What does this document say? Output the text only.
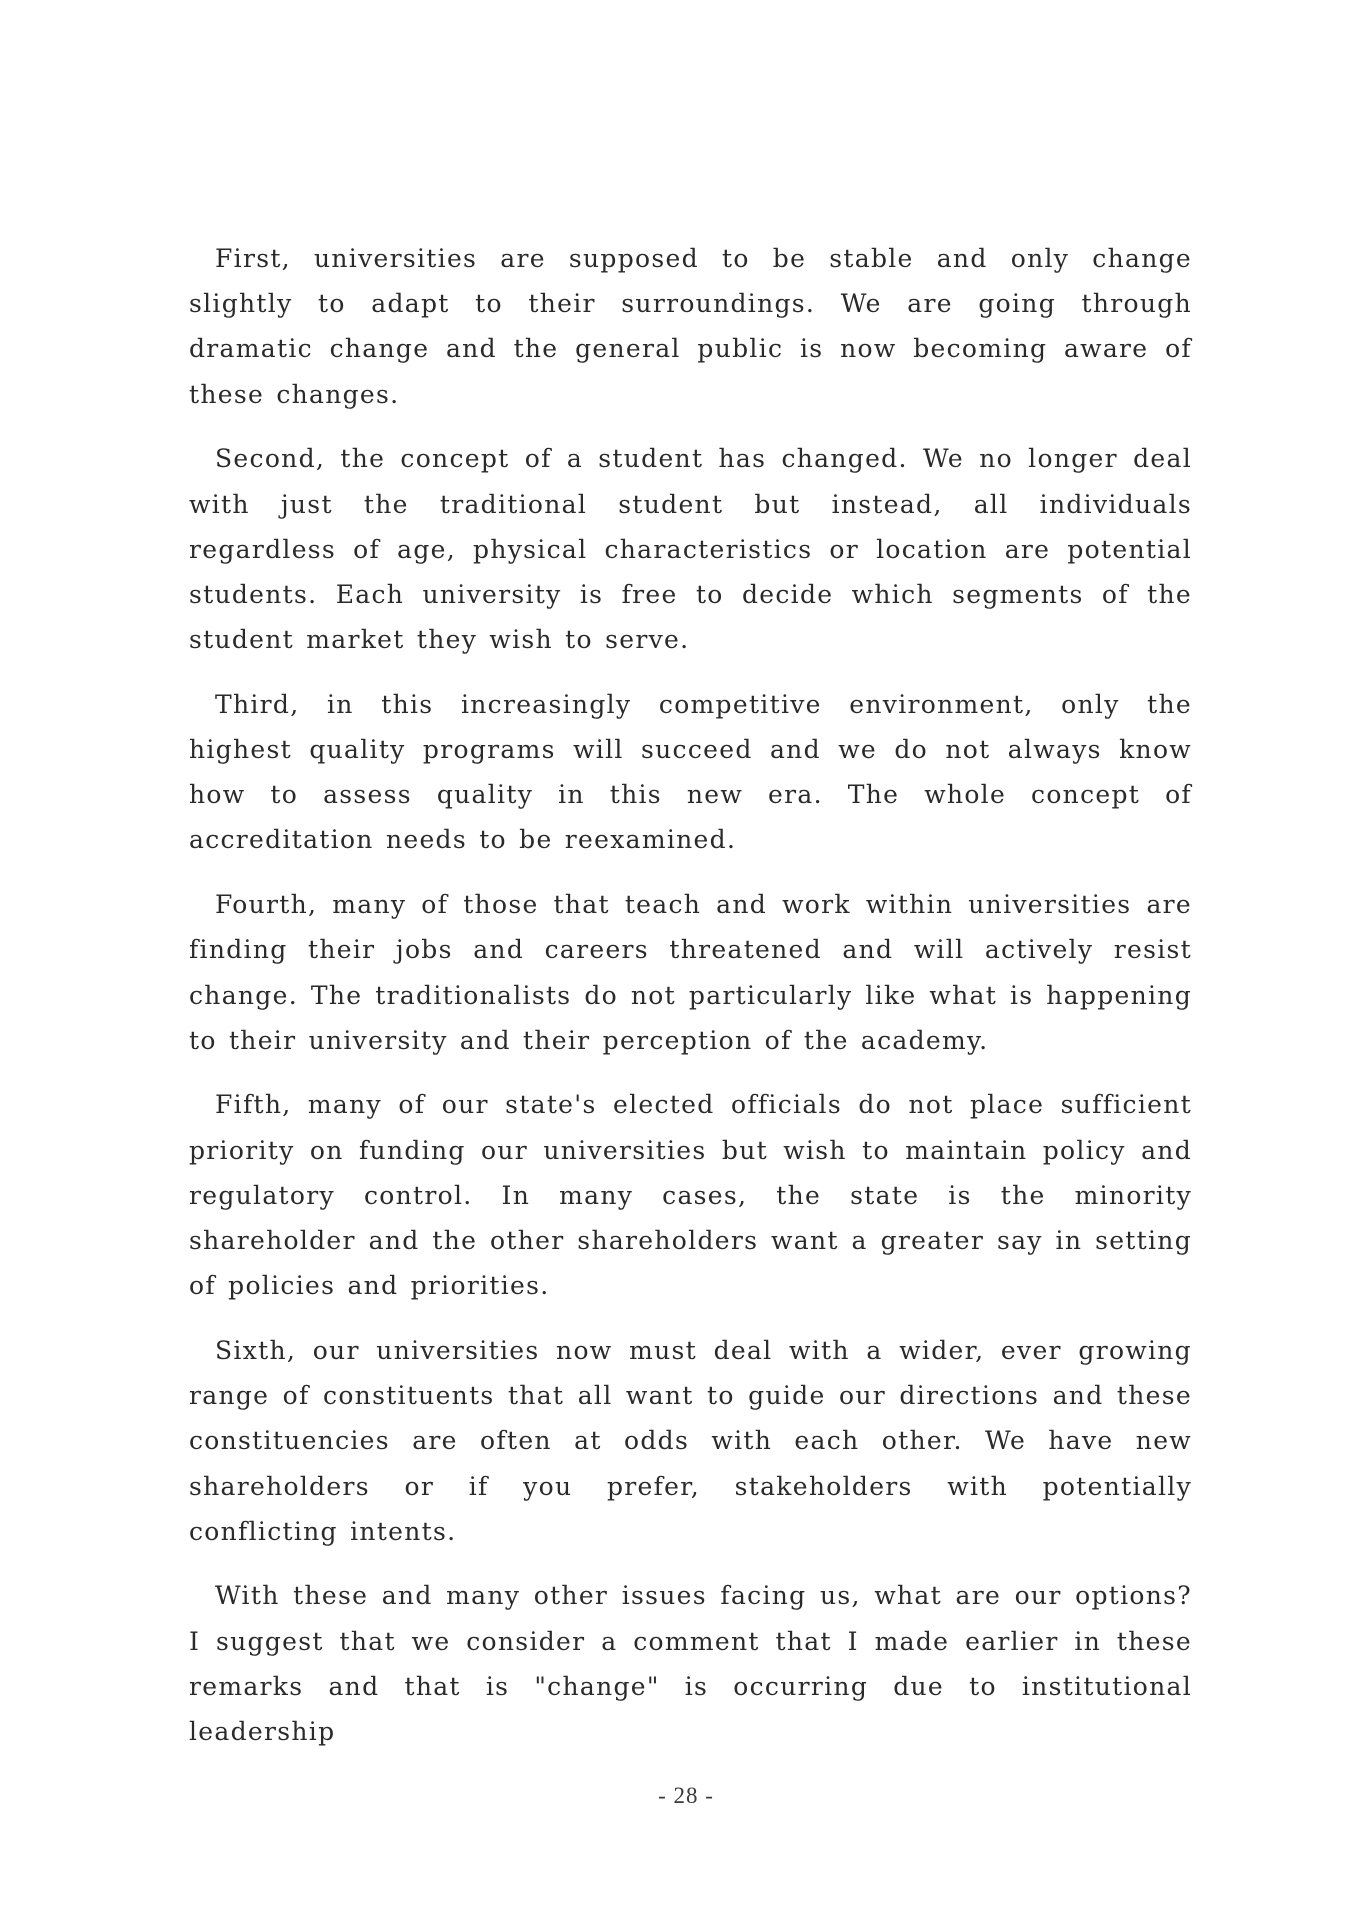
First, universities are supposed to be stable and only change slightly to adapt to their surroundings. We are going through dramatic change and the general public is now becoming aware of these changes.

Second, the concept of a student has changed. We no longer deal with just the traditional student but instead, all individuals regardless of age, physical characteristics or location are potential students. Each university is free to decide which segments of the student market they wish to serve.

Third, in this increasingly competitive environment, only the highest quality programs will succeed and we do not always know how to assess quality in this new era. The whole concept of accreditation needs to be reexamined.

Fourth, many of those that teach and work within universities are finding their jobs and careers threatened and will actively resist change. The traditionalists do not particularly like what is happening to their university and their perception of the academy.

Fifth, many of our state's elected officials do not place sufficient priority on funding our universities but wish to maintain policy and regulatory control. In many cases, the state is the minority shareholder and the other shareholders want a greater say in setting of policies and priorities.

Sixth, our universities now must deal with a wider, ever growing range of constituents that all want to guide our directions and these constituencies are often at odds with each other. We have new shareholders or if you prefer, stakeholders with potentially conflicting intents.

With these and many other issues facing us, what are our options? I suggest that we consider a comment that I made earlier in these remarks and that is "change" is occurring due to institutional leadership

- 28 -
